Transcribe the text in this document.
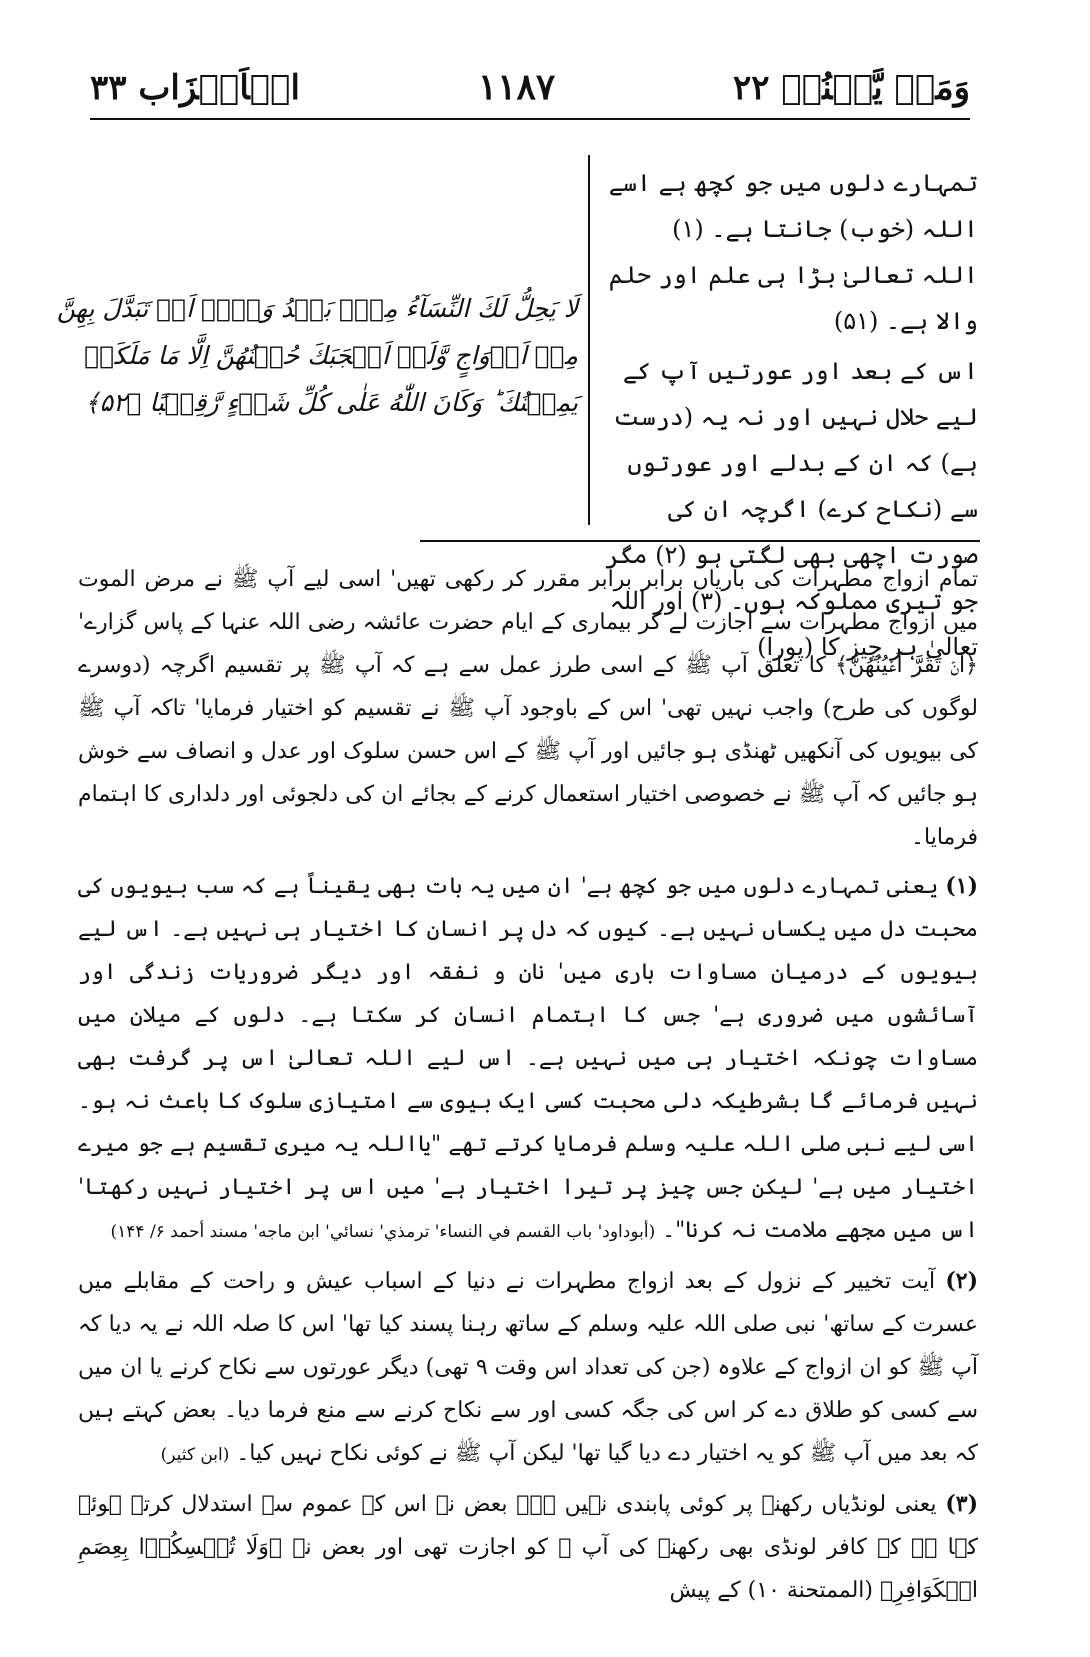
الۡاَحۡزَاب ٣٣	١١٨٧	وَمَنۡ يَّقۡنُتۡ ٢٢

تمہارے دلوں میں جو کچھ ہے اسے اللہ (خوب) جانتا ہے۔ (۱)

اللہ تعالیٰ بڑا ہی علم اور حلم والا ہے۔ (۵۱)

اس کے بعد اور عورتیں آپ کے لیے حلال نہیں اور نہ یہ (درست ہے) کہ ان کے بدلے اور عورتوں سے (نکاح کرے) اگرچہ ان کی صورت اچھی بھی لگتی ہو (۲) مگر جو تیری مملوکہ ہوں۔ (۳) اور اللہ تعالیٰ ہر چیز کا (پورا)

لَا يَحِلُّ لَكَ النِّسَآءُ مِنۡۢ بَعۡدُ وَلَاۤ اَنۡ تَبَدَّلَ بِهِنَّ

مِنۡ اَزۡوَاجٍ وَّلَوۡ اَعۡجَبَكَ حُسۡنُهُنَّ اِلَّا مَا مَلَكَتۡ

يَمِيۡنُكَ ؕ وَكَانَ اللّٰهُ عَلٰى كُلِّ شَىۡءٍ رَّقِيۡبًا ﴿۵۲﴾

تمام ازواج مطہرات کی باریاں برابر برابر مقرر کر رکھی تھیں' اسی لیے آپ ﷺ نے مرض الموت میں ازواج مطہرات سے اجازت لے کر بیماری کے ایام حضرت عائشہ رضی اللہ عنہا کے پاس گزارے' ﴿اَنۡ تَقَرَّ اَعۡيُنُهُنَّ﴾ کا تعلق آپ ﷺ کے اسی طرز عمل سے ہے کہ آپ ﷺ پر تقسیم اگرچہ (دوسرے لوگوں کی طرح) واجب نہیں تھی' اس کے باوجود آپ ﷺ نے تقسیم کو اختیار فرمایا' تاکہ آپ ﷺ کی بیویوں کی آنکھیں ٹھنڈی ہو جائیں اور آپ ﷺ کے اس حسن سلوک اور عدل و انصاف سے خوش ہو جائیں کہ آپ ﷺ نے خصوصی اختیار استعمال کرنے کے بجائے ان کی دلجوئی اور دلداری کا اہتمام فرمایا۔

(۱) یعنی تمہارے دلوں میں جو کچھ ہے' ان میں یہ بات بھی یقیناً ہے کہ سب بیویوں کی محبت دل میں یکساں نہیں ہے۔ کیوں کہ دل پر انسان کا اختیار ہی نہیں ہے۔ اس لیے بیویوں کے درمیان مساوات باری میں' نان و نفقہ اور دیگر ضروریات زندگی اور آسائشوں میں ضروری ہے' جس کا اہتمام انسان کر سکتا ہے۔ دلوں کے میلان میں مساوات چونکہ اختیار ہی میں نہیں ہے۔ اس لیے اللہ تعالیٰ اس پر گرفت بھی نہیں فرمائے گا بشرطیکہ دلی محبت کسی ایک بیوی سے امتیازی سلوک کا باعث نہ ہو۔ اسی لیے نبی صلی اللہ علیہ وسلم فرمایا کرتے تھے "یااللہ یہ میری تقسیم ہے جو میرے اختیار میں ہے' لیکن جس چیز پر تیرا اختیار ہے' میں اس پر اختیار نہیں رکھتا' اس میں مجھے ملامت نہ کرنا"۔ (أبوداود' باب القسم في النساء' ترمذي' نسائي' ابن ماجه' مسند أحمد ۶/ ۱۴۴)

(۲) آیت تخییر کے نزول کے بعد ازواج مطہرات نے دنیا کے اسباب عیش و راحت کے مقابلے میں عسرت کے ساتھ' نبی صلی اللہ علیہ وسلم کے ساتھ رہنا پسند کیا تھا' اس کا صلہ اللہ نے یہ دیا کہ آپ ﷺ کو ان ازواج کے علاوہ (جن کی تعداد اس وقت ۹ تھی) دیگر عورتوں سے نکاح کرنے یا ان میں سے کسی کو طلاق دے کر اس کی جگہ کسی اور سے نکاح کرنے سے منع فرما دیا۔ بعض کہتے ہیں کہ بعد میں آپ ﷺ کو یہ اختیار دے دیا گیا تھا' لیکن آپ ﷺ نے کوئی نکاح نہیں کیا۔ (ابن کثیر)

(۳) یعنی لونڈیاں رکھنے پر کوئی پابندی نہیں ہے۔ بعض نے اس کے عموم سے استدلال کرتے ہوئے کہا ہے کہ کافر لونڈی بھی رکھنے کی آپ ﷺ کو اجازت تھی اور بعض نے ﴿وَلَا تُمۡسِكُوۡا بِعِصَمِ الۡكَوَافِرِ﴾ (الممتحنة ۱۰) کے پیش
